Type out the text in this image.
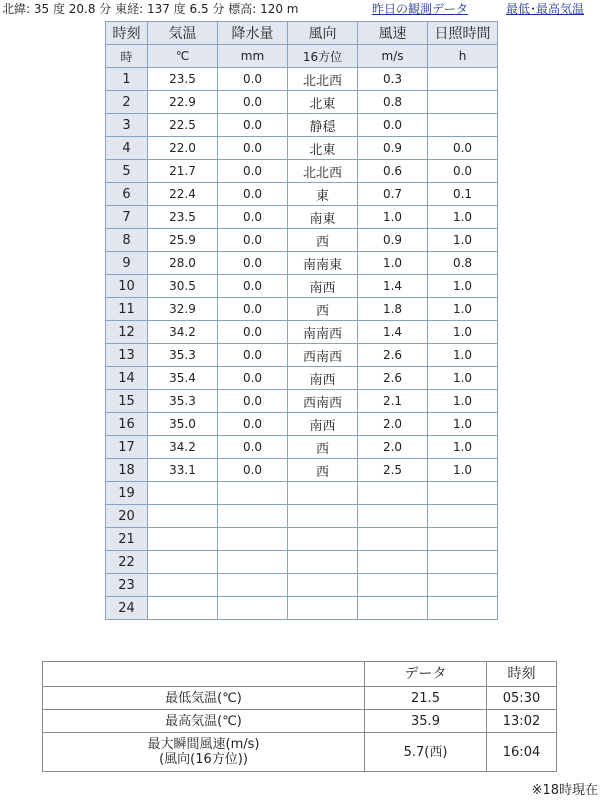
北緯: 35 度 20.8 分 東経: 137 度 6.5 分 標高: 120 m	昨日の観測データ	最低･最高気温
時刻	気温	降水量	風向	風速	日照時間
時	℃	mm	16方位	m/s	h
1	23.5	0.0	北北西	0.3	
2	22.9	0.0	北東	0.8	
3	22.5	0.0	静穏	0.0	
4	22.0	0.0	北東	0.9	0.0
5	21.7	0.0	北北西	0.6	0.0
6	22.4	0.0	東	0.7	0.1
7	23.5	0.0	南東	1.0	1.0
8	25.9	0.0	西	0.9	1.0
9	28.0	0.0	南南東	1.0	0.8
10	30.5	0.0	南西	1.4	1.0
11	32.9	0.0	西	1.8	1.0
12	34.2	0.0	南南西	1.4	1.0
13	35.3	0.0	西南西	2.6	1.0
14	35.4	0.0	南西	2.6	1.0
15	35.3	0.0	西南西	2.1	1.0
16	35.0	0.0	南西	2.0	1.0
17	34.2	0.0	西	2.0	1.0
18	33.1	0.0	西	2.5	1.0
19					
20					
21					
22					
23					
24					
	データ	時刻

最低気温(℃)	21.5	05:30

最高気温(℃)	35.9	13:02

最大瞬間風速(m/s)
(風向(16方位))	5.7(西)	16:04
※18時現在
